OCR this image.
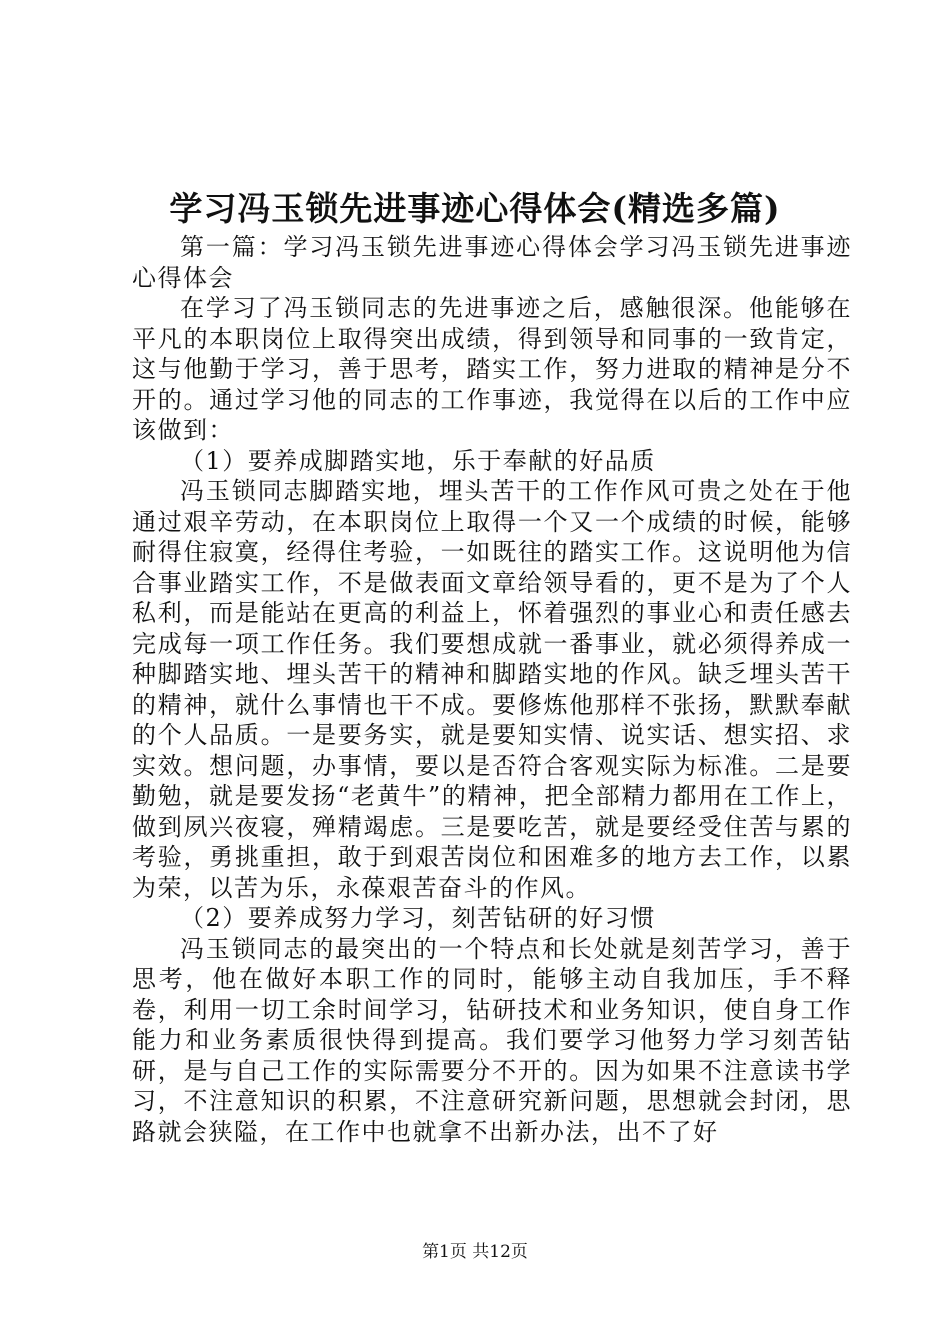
学习冯玉锁先进事迹心得体会(精选多篇)

第一篇：学习冯玉锁先进事迹心得体会学习冯玉锁先进事迹心得体会

在学习了冯玉锁同志的先进事迹之后，感触很深。他能够在平凡的本职岗位上取得突出成绩，得到领导和同事的一致肯定，这与他勤于学习，善于思考，踏实工作，努力进取的精神是分不开的。通过学习他的同志的工作事迹，我觉得在以后的工作中应该做到：

（1）要养成脚踏实地，乐于奉献的好品质

冯玉锁同志脚踏实地，埋头苦干的工作作风可贵之处在于他通过艰辛劳动，在本职岗位上取得一个又一个成绩的时候，能够耐得住寂寞，经得住考验，一如既往的踏实工作。这说明他为信合事业踏实工作，不是做表面文章给领导看的，更不是为了个人私利，而是能站在更高的利益上，怀着强烈的事业心和责任感去完成每一项工作任务。我们要想成就一番事业，就必须得养成一种脚踏实地、埋头苦干的精神和脚踏实地的作风。缺乏埋头苦干的精神，就什么事情也干不成。要修炼他那样不张扬，默默奉献的个人品质。一是要务实，就是要知实情、说实话、想实招、求实效。想问题，办事情，要以是否符合客观实际为标准。二是要勤勉，就是要发扬“老黄牛”的精神，把全部精力都用在工作上，做到夙兴夜寝，殚精竭虑。三是要吃苦，就是要经受住苦与累的考验，勇挑重担，敢于到艰苦岗位和困难多的地方去工作，以累为荣，以苦为乐，永葆艰苦奋斗的作风。

（2）要养成努力学习，刻苦钻研的好习惯

冯玉锁同志的最突出的一个特点和长处就是刻苦学习，善于思考，他在做好本职工作的同时，能够主动自我加压，手不释卷，利用一切工余时间学习，钻研技术和业务知识，使自身工作能力和业务素质很快得到提高。我们要学习他努力学习刻苦钻研，是与自己工作的实际需要分不开的。因为如果不注意读书学习，不注意知识的积累，不注意研究新问题，思想就会封闭，思路就会狭隘，在工作中也就拿不出新办法，出不了好

第1页 共12页
